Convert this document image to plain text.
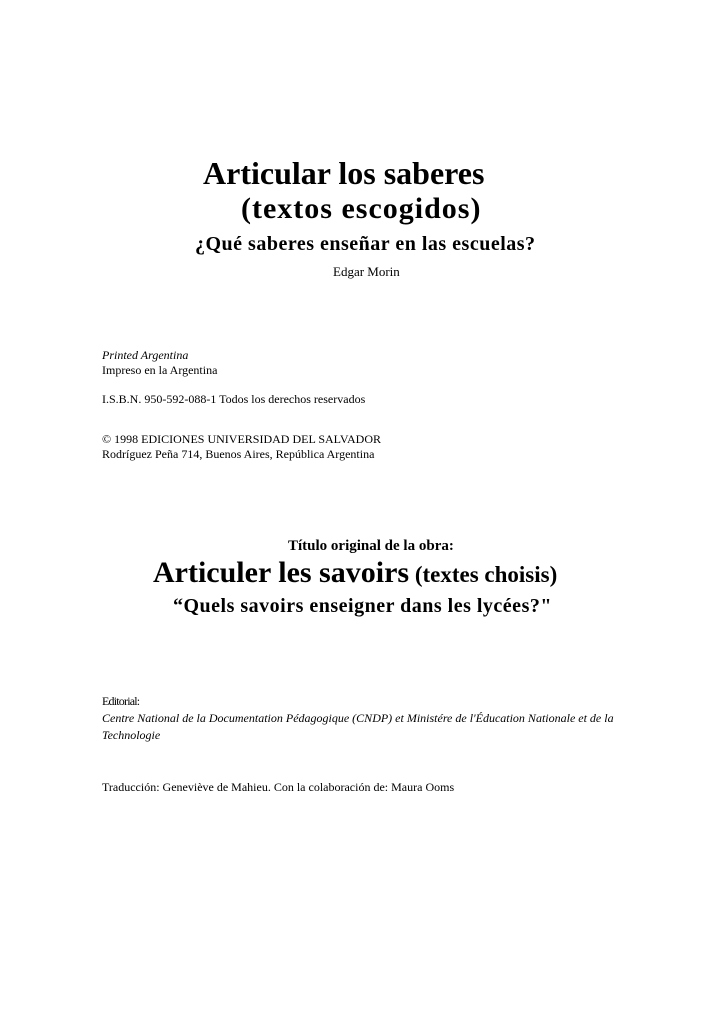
Articular los saberes
(textos escogidos)
¿Qué saberes enseñar en las escuelas?
Edgar Morin
Printed Argentina
Impreso en la Argentina
I.S.B.N. 950-592-088-1 Todos los derechos reservados
© 1998 EDICIONES UNIVERSIDAD DEL SALVADOR
Rodríguez Peña 714, Buenos Aires, República Argentina
Título original de la obra:
Articuler les savoirs (textes choisis)
“Quels savoirs enseigner dans les lycées?"
Editorial:
Centre National de la Documentation Pédagogique (CNDP) et Ministére de l'Éducation Nationale et de la Technologie
Traducción: Geneviève de Mahieu. Con la colaboración de: Maura Ooms
